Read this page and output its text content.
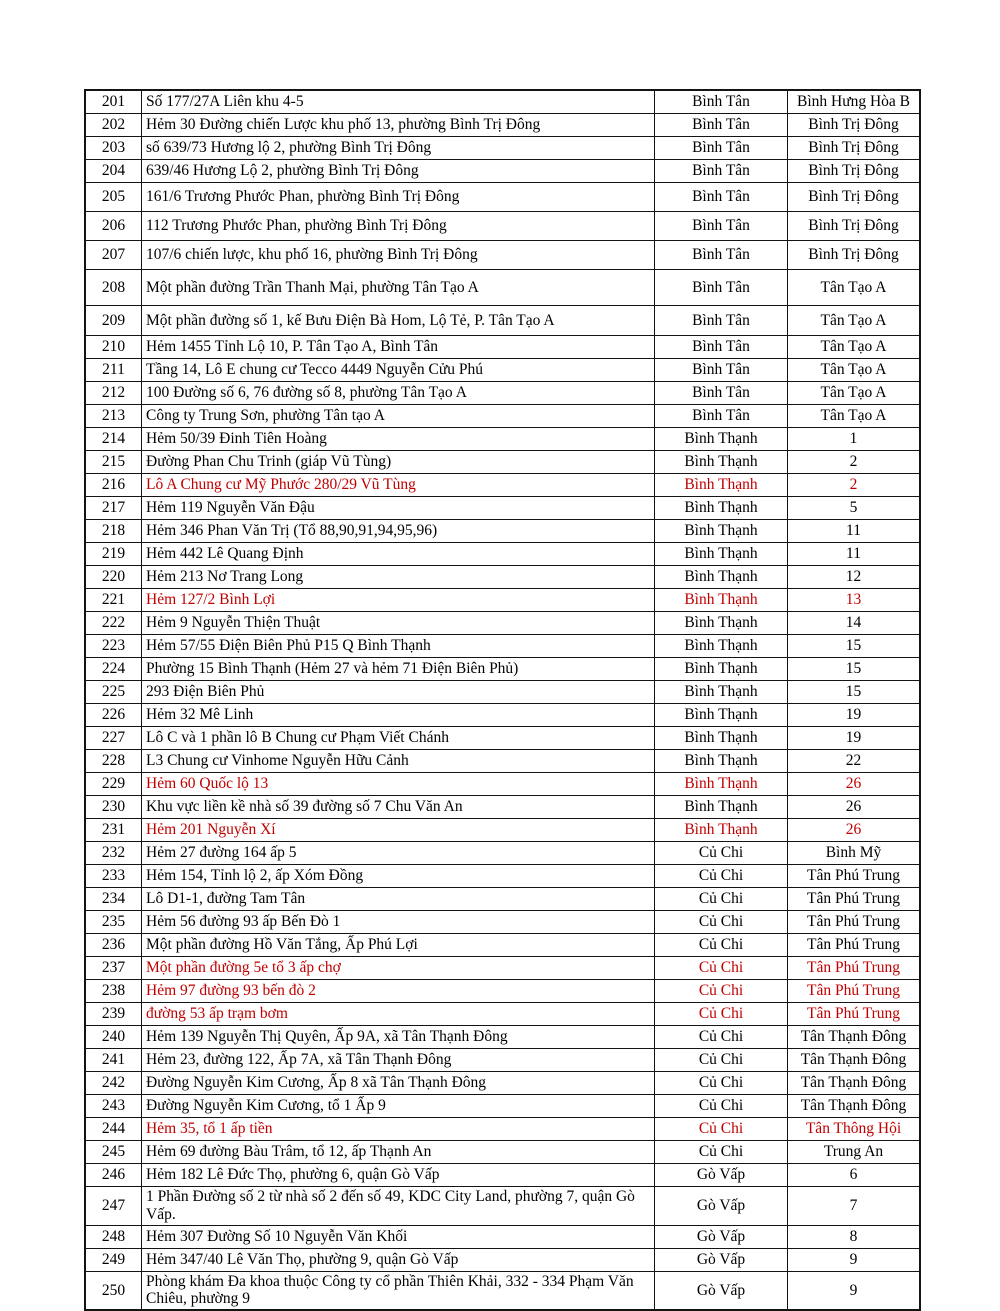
201	Số 177/27A Liên khu 4-5	Bình Tân	Bình Hưng Hòa B
202	Hẻm 30 Đường chiến Lược khu phố 13, phường Bình Trị Đông	Bình Tân	Bình Trị Đông
203	số 639/73 Hương lộ 2, phường Bình Trị Đông	Bình Tân	Bình Trị Đông
204	639/46 Hương Lộ 2, phường Bình Trị Đông	Bình Tân	Bình Trị Đông
205	161/6 Trương Phước Phan, phường Bình Trị Đông	Bình Tân	Bình Trị Đông
206	112 Trương Phước Phan, phường Bình Trị Đông	Bình Tân	Bình Trị Đông
207	107/6 chiến lược, khu phố 16, phường Bình Trị Đông	Bình Tân	Bình Trị Đông
208	Một phần đường Trần Thanh Mại, phường Tân Tạo A	Bình Tân	Tân Tạo A
209	Một phần đường số 1, kế Bưu Điện Bà Hom, Lộ Tẻ, P. Tân Tạo A	Bình Tân	Tân Tạo A
210	Hẻm 1455 Tỉnh Lộ 10, P. Tân Tạo A, Bình Tân	Bình Tân	Tân Tạo A
211	Tầng 14, Lô E chung cư Tecco 4449 Nguyễn Cửu Phú	Bình Tân	Tân Tạo A
212	100 Đường số 6, 76 đường số 8, phường Tân Tạo A	Bình Tân	Tân Tạo A
213	Công ty Trung Sơn, phường Tân tạo A	Bình Tân	Tân Tạo A
214	Hẻm 50/39 Đinh Tiên Hoàng	Bình Thạnh	1
215	Đường Phan Chu Trinh (giáp Vũ Tùng)	Bình Thạnh	2
216	Lô A Chung cư Mỹ Phước 280/29 Vũ Tùng	Bình Thạnh	2
217	Hẻm 119 Nguyễn Văn Đậu	Bình Thạnh	5
218	Hẻm 346 Phan Văn Trị (Tổ 88,90,91,94,95,96)	Bình Thạnh	11
219	Hẻm 442 Lê Quang Định	Bình Thạnh	11
220	Hẻm 213 Nơ Trang Long	Bình Thạnh	12
221	Hẻm 127/2 Bình Lợi	Bình Thạnh	13
222	Hẻm 9 Nguyễn Thiện Thuật	Bình Thạnh	14
223	Hẻm 57/55 Điện Biên Phủ P15 Q Bình Thạnh	Bình Thạnh	15
224	Phường 15 Bình Thạnh (Hẻm 27 và hẻm 71 Điện Biên Phủ)	Bình Thạnh	15
225	293 Điện Biên Phủ	Bình Thạnh	15
226	Hẻm 32 Mê Linh	Bình Thạnh	19
227	Lô C và 1 phần lô B Chung cư Phạm Viết Chánh	Bình Thạnh	19
228	L3 Chung cư Vinhome Nguyễn Hữu Cảnh	Bình Thạnh	22
229	Hẻm 60 Quốc lộ 13	Bình Thạnh	26
230	Khu vực liền kề nhà số 39 đường số 7 Chu Văn An	Bình Thạnh	26
231	Hẻm 201 Nguyễn Xí	Bình Thạnh	26
232	Hẻm 27 đường 164 ấp 5	Củ Chi	Bình Mỹ
233	Hẻm 154, Tỉnh lộ 2, ấp Xóm Đồng	Củ Chi	Tân Phú Trung
234	Lô D1-1, đường Tam Tân	Củ Chi	Tân Phú Trung
235	Hẻm 56 đường 93 ấp Bến Đò 1	Củ Chi	Tân Phú Trung
236	Một phần đường Hồ Văn Tắng, Ấp Phú Lợi	Củ Chi	Tân Phú Trung
237	Một phần đường 5e tổ 3 ấp chợ	Củ Chi	Tân Phú Trung
238	Hẻm 97 đường 93 bến đò 2	Củ Chi	Tân Phú Trung
239	đường 53 ấp trạm bơm	Củ Chi	Tân Phú Trung
240	Hẻm 139 Nguyễn Thị Quyên, Ấp 9A, xã Tân Thạnh Đông	Củ Chi	Tân Thạnh Đông
241	Hẻm 23, đường 122, Ấp 7A, xã Tân Thạnh Đông	Củ Chi	Tân Thạnh Đông
242	Đường Nguyễn Kim Cương, Ấp 8 xã Tân Thạnh Đông	Củ Chi	Tân Thạnh Đông
243	Đường Nguyễn Kim Cương, tổ 1 Ấp 9	Củ Chi	Tân Thạnh Đông
244	Hẻm 35, tổ 1 ấp tiền	Củ Chi	Tân Thông Hội
245	Hẻm 69 đường Bàu Trâm, tổ 12, ấp Thạnh An	Củ Chi	Trung An
246	Hẻm 182 Lê Đức Thọ, phường 6, quận Gò Vấp	Gò Vấp	6
247	1 Phần Đường số 2 từ nhà số 2 đến số 49, KDC City Land, phường 7, quận Gò Vấp.	Gò Vấp	7
248	Hẻm 307 Đường Số 10 Nguyễn Văn Khối	Gò Vấp	8
249	Hẻm 347/40 Lê Văn Thọ, phường 9, quận Gò Vấp	Gò Vấp	9
250	Phòng khám Đa khoa thuộc Công ty cổ phần Thiên Khải, 332 - 334 Phạm Văn Chiêu, phường 9	Gò Vấp	9
